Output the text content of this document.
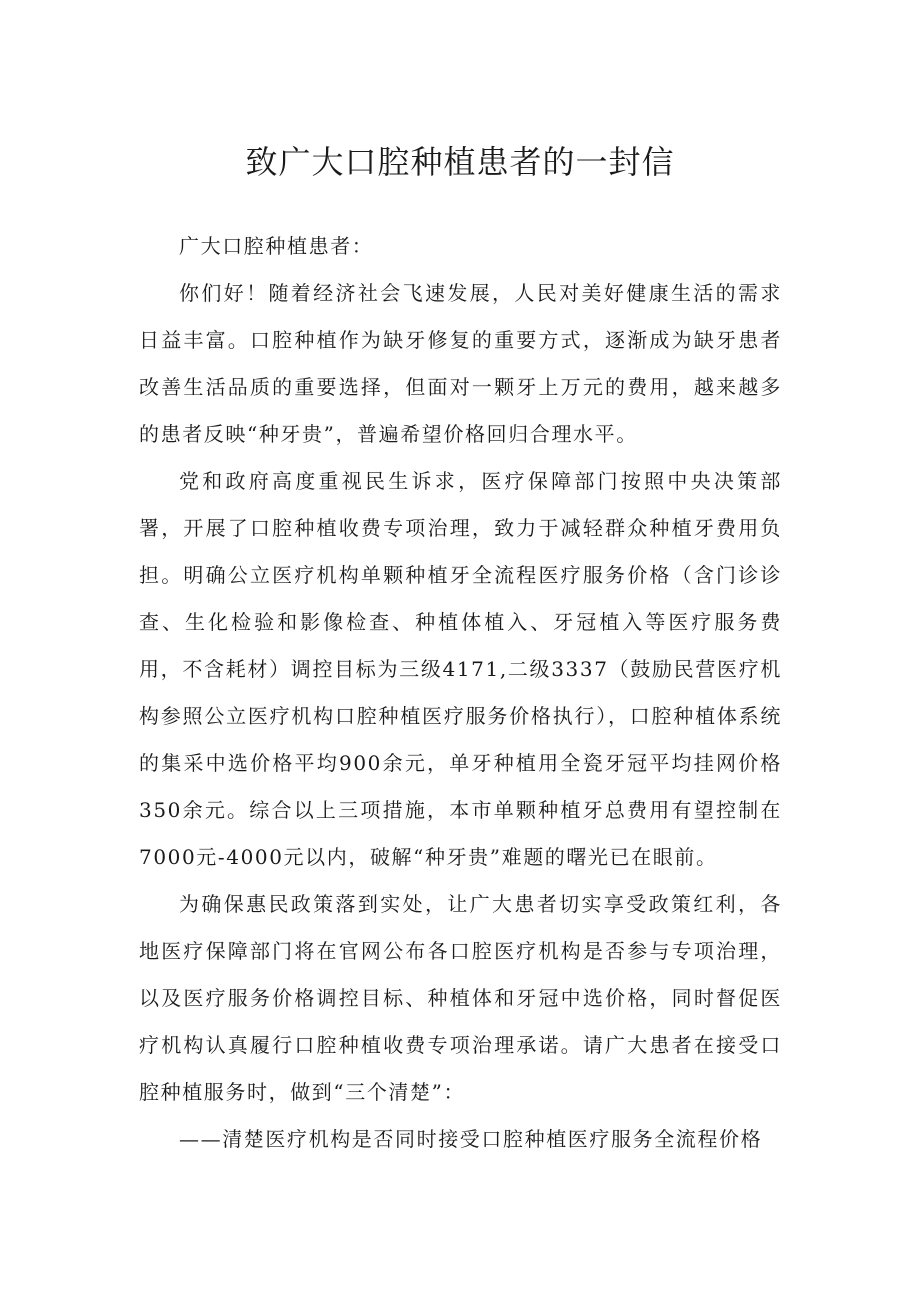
致广大口腔种植患者的一封信

广大口腔种植患者：

你们好！随着经济社会飞速发展，人民对美好健康生活的需求日益丰富。口腔种植作为缺牙修复的重要方式，逐渐成为缺牙患者改善生活品质的重要选择，但面对一颗牙上万元的费用，越来越多的患者反映“种牙贵”，普遍希望价格回归合理水平。

党和政府高度重视民生诉求，医疗保障部门按照中央决策部署，开展了口腔种植收费专项治理，致力于减轻群众种植牙费用负担。明确公立医疗机构单颗种植牙全流程医疗服务价格（含门诊诊查、生化检验和影像检查、种植体植入、牙冠植入等医疗服务费用，不含耗材）调控目标为三级4171,二级3337（鼓励民营医疗机构参照公立医疗机构口腔种植医疗服务价格执行），口腔种植体系统的集采中选价格平均900余元，单牙种植用全瓷牙冠平均挂网价格350余元。综合以上三项措施，本市单颗种植牙总费用有望控制在7000元-4000元以内，破解“种牙贵”难题的曙光已在眼前。

为确保惠民政策落到实处，让广大患者切实享受政策红利，各地医疗保障部门将在官网公布各口腔医疗机构是否参与专项治理，以及医疗服务价格调控目标、种植体和牙冠中选价格，同时督促医疗机构认真履行口腔种植收费专项治理承诺。请广大患者在接受口腔种植服务时，做到“三个清楚”：

——清楚医疗机构是否同时接受口腔种植医疗服务全流程价格
